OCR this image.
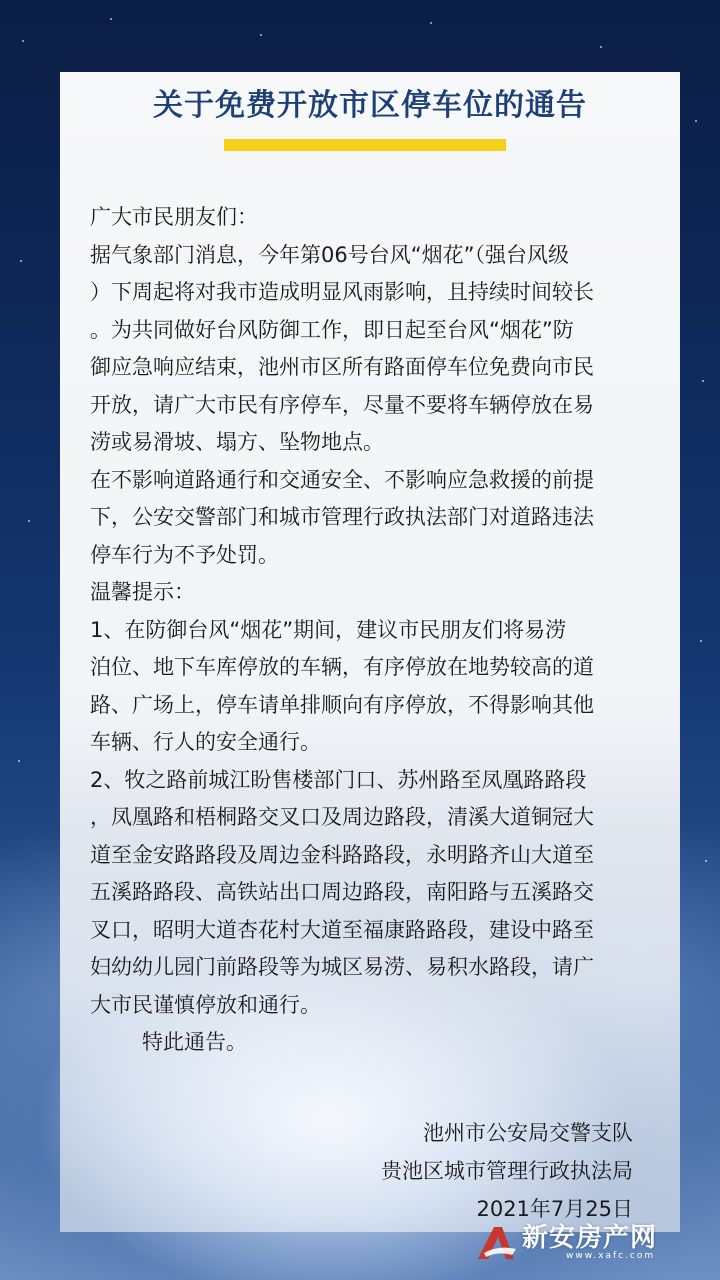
关于免费开放市区停车位的通告

广大市民朋友们：

据气象部门消息，今年第06号台风“烟花”（强台风级

）下周起将对我市造成明显风雨影响，且持续时间较长

。为共同做好台风防御工作，即日起至台风“烟花”防

御应急响应结束，池州市区所有路面停车位免费向市民

开放，请广大市民有序停车，尽量不要将车辆停放在易

涝或易滑坡、塌方、坠物地点。

在不影响道路通行和交通安全、不影响应急救援的前提

下，公安交警部门和城市管理行政执法部门对道路违法

停车行为不予处罚。

温馨提示：

1、在防御台风“烟花”期间，建议市民朋友们将易涝

泊位、地下车库停放的车辆，有序停放在地势较高的道

路、广场上，停车请单排顺向有序停放，不得影响其他

车辆、行人的安全通行。

2、牧之路前城江盼售楼部门口、苏州路至凤凰路路段

，凤凰路和梧桐路交叉口及周边路段，清溪大道铜冠大

道至金安路路段及周边金科路路段，永明路齐山大道至

五溪路路段、高铁站出口周边路段，南阳路与五溪路交

叉口，昭明大道杏花村大道至福康路路段，建设中路至

妇幼幼儿园门前路段等为城区易涝、易积水路段，请广

大市民谨慎停放和通行。

特此通告。

池州市公安局交警支队
贵池区城市管理行政执法局
2021年7月25日
新安房产网
www.xafc.com
